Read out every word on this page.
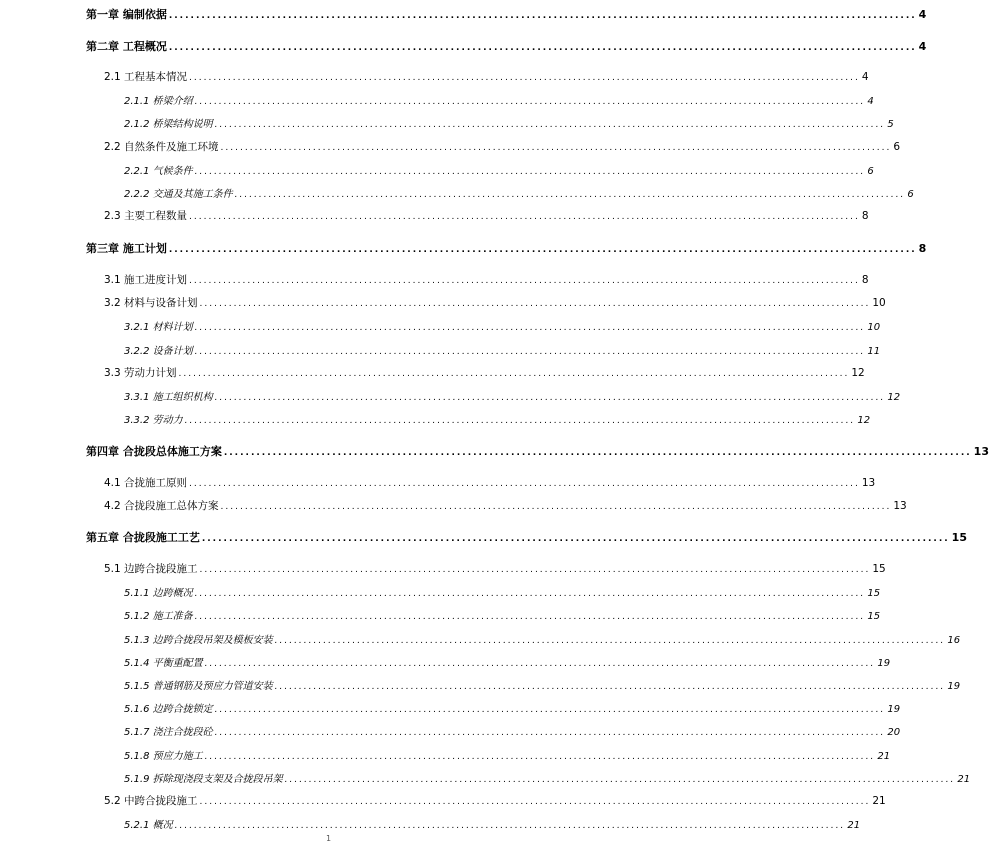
第一章 编制依据 .......................................................................................................................................... 4
第二章 工程概况 .......................................................................................................................................... 4
2.1 工程基本情况 .......................................................................................................................................... 4
2.1.1 桥梁介绍 .......................................................................................................................................... 4
2.1.2 桥梁结构说明 .......................................................................................................................................... 5
2.2 自然条件及施工环境 .......................................................................................................................................... 6
2.2.1 气候条件 .......................................................................................................................................... 6
2.2.2 交通及其施工条件 .......................................................................................................................................... 6
2.3 主要工程数量 .......................................................................................................................................... 8
第三章 施工计划 .......................................................................................................................................... 8
3.1 施工进度计划 .......................................................................................................................................... 8
3.2 材料与设备计划 .......................................................................................................................................... 10
3.2.1 材料计划 .......................................................................................................................................... 10
3.2.2 设备计划 .......................................................................................................................................... 11
3.3 劳动力计划 .......................................................................................................................................... 12
3.3.1 施工组织机构 .......................................................................................................................................... 12
3.3.2 劳动力 .......................................................................................................................................... 12
第四章 合拢段总体施工方案 .......................................................................................................................................... 13
4.1 合拢施工原则 .......................................................................................................................................... 13
4.2 合拢段施工总体方案 .......................................................................................................................................... 13
第五章 合拢段施工工艺 .......................................................................................................................................... 15
5.1 边跨合拢段施工 .......................................................................................................................................... 15
5.1.1 边跨概况 .......................................................................................................................................... 15
5.1.2 施工准备 .......................................................................................................................................... 15
5.1.3 边跨合拢段吊架及模板安装 .......................................................................................................................................... 16
5.1.4 平衡重配置 .......................................................................................................................................... 19
5.1.5 普通钢筋及预应力管道安装 .......................................................................................................................................... 19
5.1.6 边跨合拢锁定 .......................................................................................................................................... 19
5.1.7 浇注合拢段砼 .......................................................................................................................................... 20
5.1.8 预应力施工 .......................................................................................................................................... 21
5.1.9 拆除现浇段支架及合拢段吊架 .......................................................................................................................................... 21
5.2 中跨合拢段施工 .......................................................................................................................................... 21
5.2.1 概况 .......................................................................................................................................... 21
1
